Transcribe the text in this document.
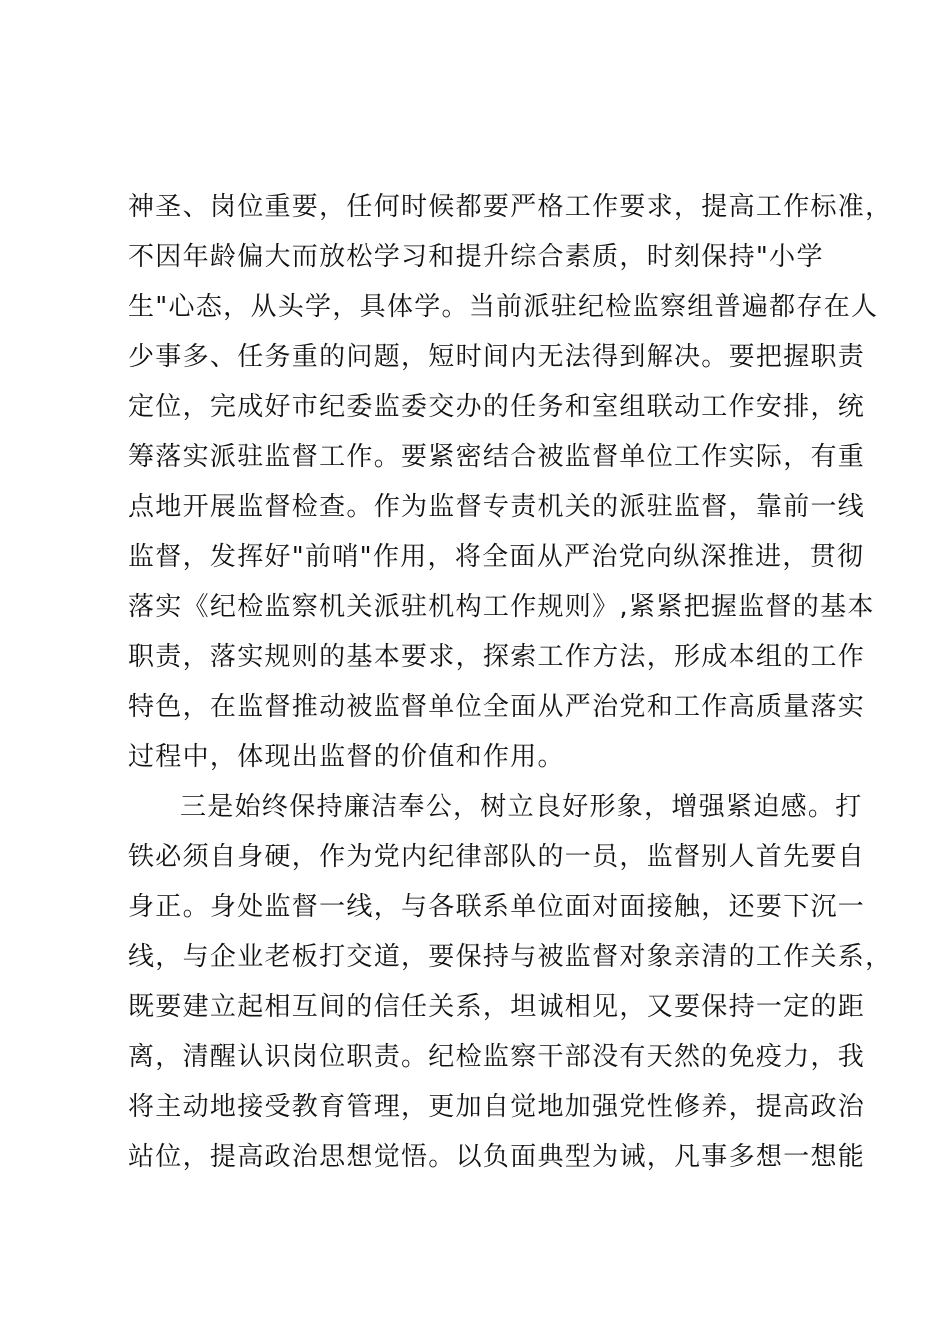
神圣、岗位重要，任何时候都要严格工作要求，提高工作标准，
不因年龄偏大而放松学习和提升综合素质，时刻保持"小学
生"心态，从头学，具体学。当前派驻纪检监察组普遍都存在人
少事多、任务重的问题，短时间内无法得到解决。要把握职责
定位，完成好市纪委监委交办的任务和室组联动工作安排，统
筹落实派驻监督工作。要紧密结合被监督单位工作实际，有重
点地开展监督检查。作为监督专责机关的派驻监督，靠前一线
监督，发挥好"前哨"作用，将全面从严治党向纵深推进，贯彻
落实《纪检监察机关派驻机构工作规则》,紧紧把握监督的基本
职责，落实规则的基本要求，探索工作方法，形成本组的工作
特色，在监督推动被监督单位全面从严治党和工作高质量落实
过程中，体现出监督的价值和作用。
三是始终保持廉洁奉公，树立良好形象，增强紧迫感。打
铁必须自身硬，作为党内纪律部队的一员，监督别人首先要自
身正。身处监督一线，与各联系单位面对面接触，还要下沉一
线，与企业老板打交道，要保持与被监督对象亲清的工作关系，
既要建立起相互间的信任关系，坦诚相见，又要保持一定的距
离，清醒认识岗位职责。纪检监察干部没有天然的免疫力，我
将主动地接受教育管理，更加自觉地加强党性修养，提高政治
站位，提高政治思想觉悟。以负面典型为诫，凡事多想一想能
